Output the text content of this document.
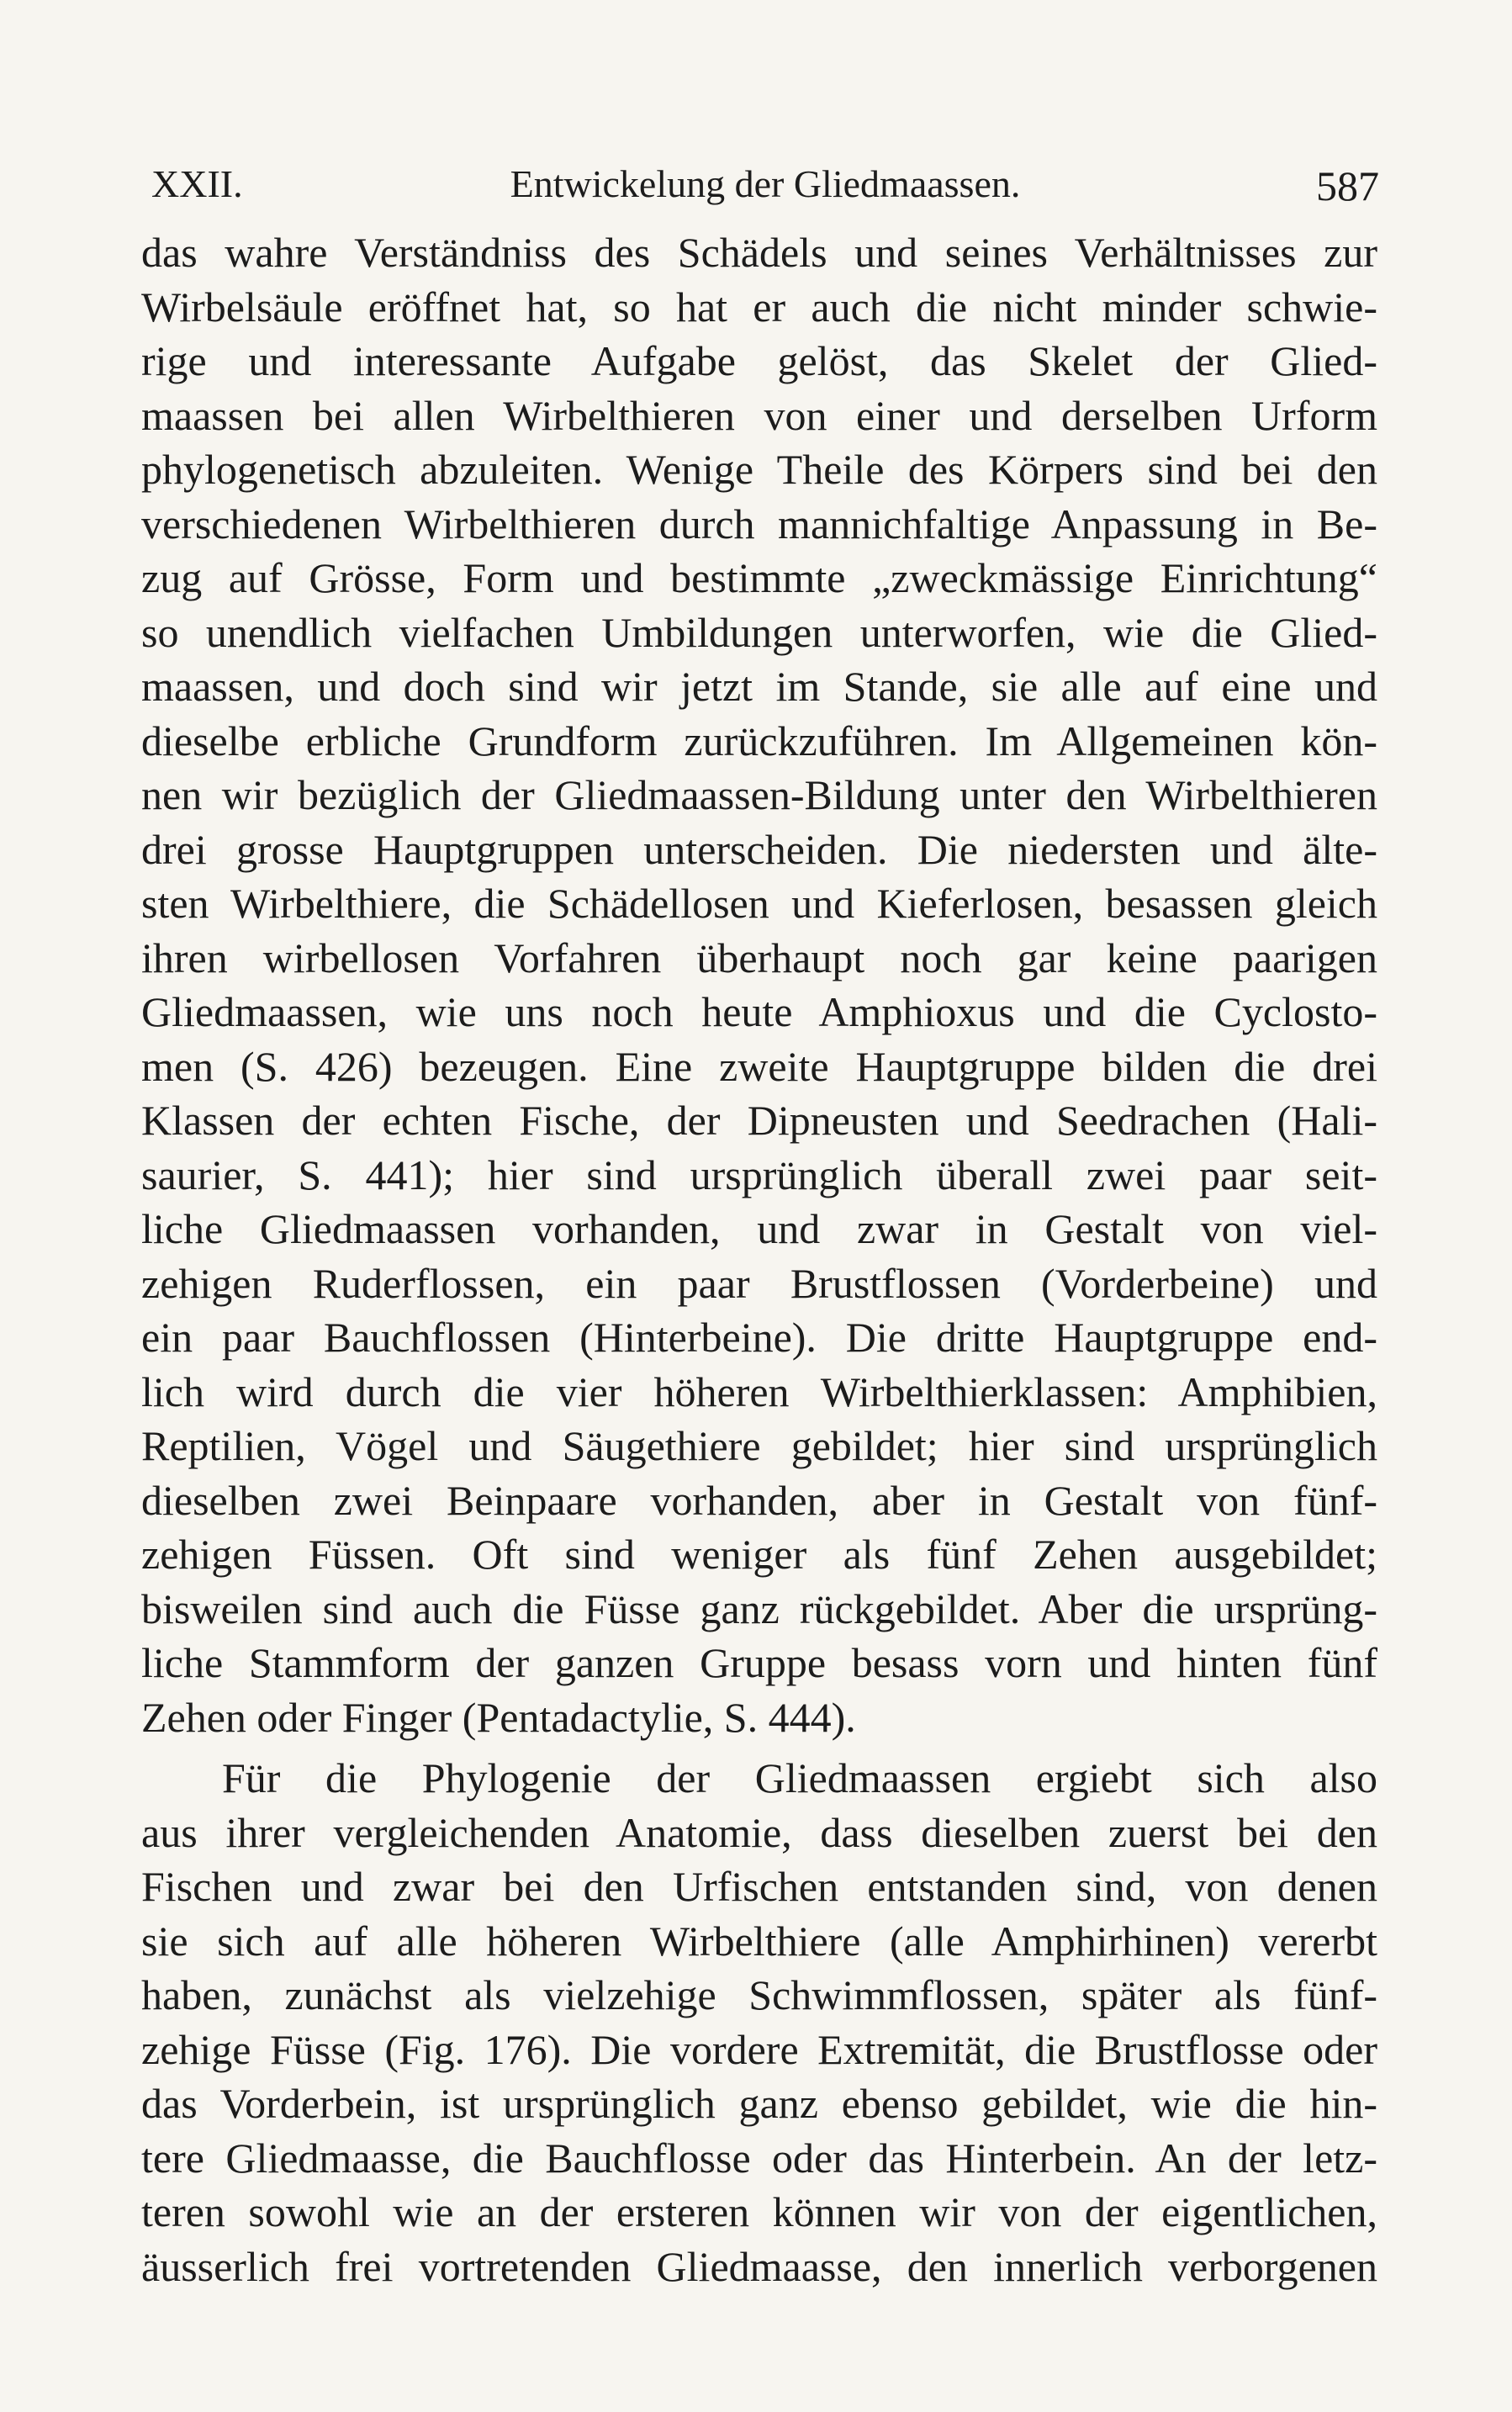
XXII.	Entwickelung der Gliedmaassen.	587
das wahre Verständniss des Schädels und seines Verhältnisses zur
Wirbelsäule eröffnet hat, so hat er auch die nicht minder schwie-
rige und interessante Aufgabe gelöst, das Skelet der Glied-
maassen bei allen Wirbelthieren von einer und derselben Urform
phylogenetisch abzuleiten. Wenige Theile des Körpers sind bei den
verschiedenen Wirbelthieren durch mannichfaltige Anpassung in Be-
zug auf Grösse, Form und bestimmte „zweckmässige Einrichtung“
so unendlich vielfachen Umbildungen unterworfen, wie die Glied-
maassen, und doch sind wir jetzt im Stande, sie alle auf eine und
dieselbe erbliche Grundform zurückzuführen. Im Allgemeinen kön-
nen wir bezüglich der Gliedmaassen-Bildung unter den Wirbelthieren
drei grosse Hauptgruppen unterscheiden. Die niedersten und älte-
sten Wirbelthiere, die Schädellosen und Kieferlosen, besassen gleich
ihren wirbellosen Vorfahren überhaupt noch gar keine paarigen
Gliedmaassen, wie uns noch heute Amphioxus und die Cyclosto-
men (S. 426) bezeugen. Eine zweite Hauptgruppe bilden die drei
Klassen der echten Fische, der Dipneusten und Seedrachen (Hali-
saurier, S. 441); hier sind ursprünglich überall zwei paar seit-
liche Gliedmaassen vorhanden, und zwar in Gestalt von viel-
zehigen Ruderflossen, ein paar Brustflossen (Vorderbeine) und
ein paar Bauchflossen (Hinterbeine). Die dritte Hauptgruppe end-
lich wird durch die vier höheren Wirbelthierklassen: Amphibien,
Reptilien, Vögel und Säugethiere gebildet; hier sind ursprünglich
dieselben zwei Beinpaare vorhanden, aber in Gestalt von fünf-
zehigen Füssen. Oft sind weniger als fünf Zehen ausgebildet;
bisweilen sind auch die Füsse ganz rückgebildet. Aber die ursprüng-
liche Stammform der ganzen Gruppe besass vorn und hinten fünf
Zehen oder Finger (Pentadactylie, S. 444).
Für die Phylogenie der Gliedmaassen ergiebt sich also
aus ihrer vergleichenden Anatomie, dass dieselben zuerst bei den
Fischen und zwar bei den Urfischen entstanden sind, von denen
sie sich auf alle höheren Wirbelthiere (alle Amphirhinen) vererbt
haben, zunächst als vielzehige Schwimmflossen, später als fünf-
zehige Füsse (Fig. 176). Die vordere Extremität, die Brustflosse oder
das Vorderbein, ist ursprünglich ganz ebenso gebildet, wie die hin-
tere Gliedmaasse, die Bauchflosse oder das Hinterbein. An der letz-
teren sowohl wie an der ersteren können wir von der eigentlichen,
äusserlich frei vortretenden Gliedmaasse, den innerlich verborgenen
